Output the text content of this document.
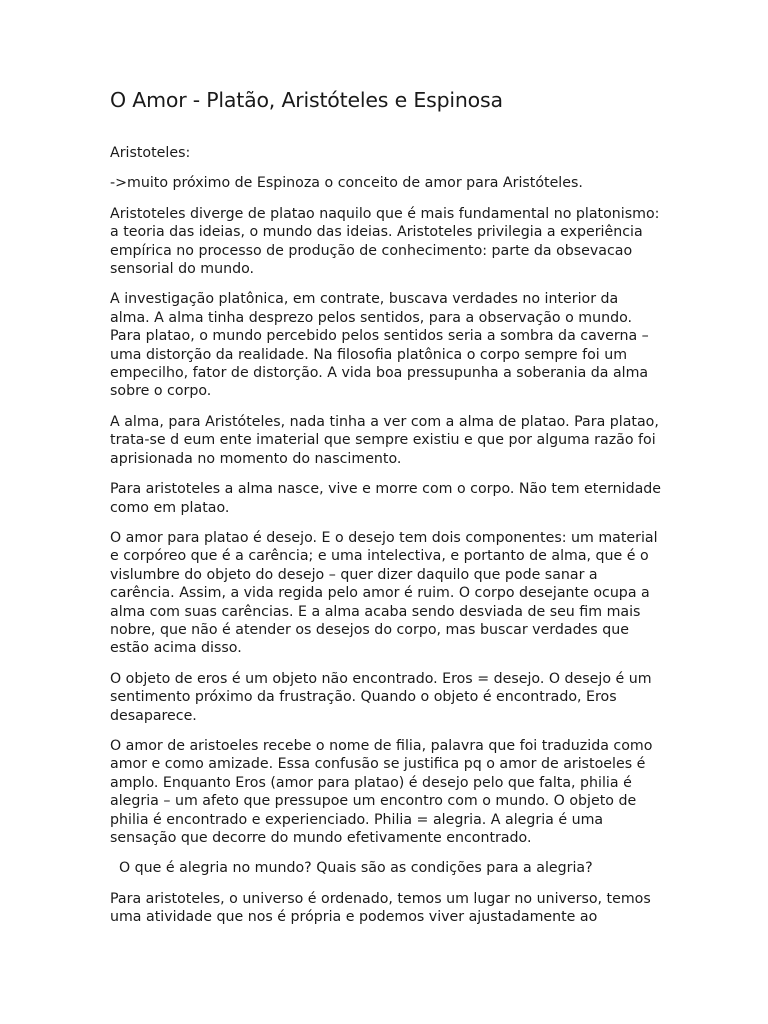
O Amor - Platão, Aristóteles e Espinosa

Aristoteles:

->muito próximo de Espinoza o conceito de amor para Aristóteles.

Aristoteles diverge de platao naquilo que é mais fundamental no platonismo: a teoria das ideias, o mundo das ideias. Aristoteles privilegia a experiência empírica no processo de produção de conhecimento: parte da obsevacao sensorial do mundo.

A investigação platônica, em contrate, buscava verdades no interior da alma. A alma tinha desprezo pelos sentidos, para a observação o mundo. Para platao, o mundo percebido pelos sentidos seria a sombra da caverna – uma distorção da realidade. Na filosofia platônica o corpo sempre foi um empecilho, fator de distorção. A vida boa pressupunha a soberania da alma sobre o corpo.

A alma, para Aristóteles, nada tinha a ver com a alma de platao. Para platao, trata-se d eum ente imaterial que sempre existiu e que por alguma razão foi aprisionada no momento do nascimento.

Para aristoteles a alma nasce, vive e morre com o corpo. Não tem eternidade como em platao.

O amor para platao é desejo. E o desejo tem dois componentes: um material e corpóreo que é a carência; e uma intelectiva, e portanto de alma, que é o vislumbre do objeto do desejo – quer dizer daquilo que pode sanar a carência. Assim, a vida regida pelo amor é ruim. O corpo desejante ocupa a alma com suas carências. E a alma acaba sendo desviada de seu fim mais nobre, que não é atender os desejos do corpo, mas buscar verdades que estão acima disso.

O objeto de eros é um objeto não encontrado. Eros = desejo. O desejo é um sentimento próximo da frustração. Quando o objeto é encontrado, Eros desaparece.

O amor de aristoeles recebe o nome de filia, palavra que foi traduzida como amor e como amizade. Essa confusão se justifica pq o amor de aristoeles é amplo. Enquanto Eros (amor para platao) é desejo pelo que falta, philia é alegria – um afeto que pressupoe um encontro com o mundo. O objeto de philia é encontrado e experienciado. Philia = alegria. A alegria é uma sensação que decorre do mundo efetivamente encontrado.

O que é alegria no mundo? Quais são as condições para a alegria?

Para aristoteles, o universo é ordenado, temos um lugar no universo, temos uma atividade que nos é própria e podemos viver ajustadamente ao
